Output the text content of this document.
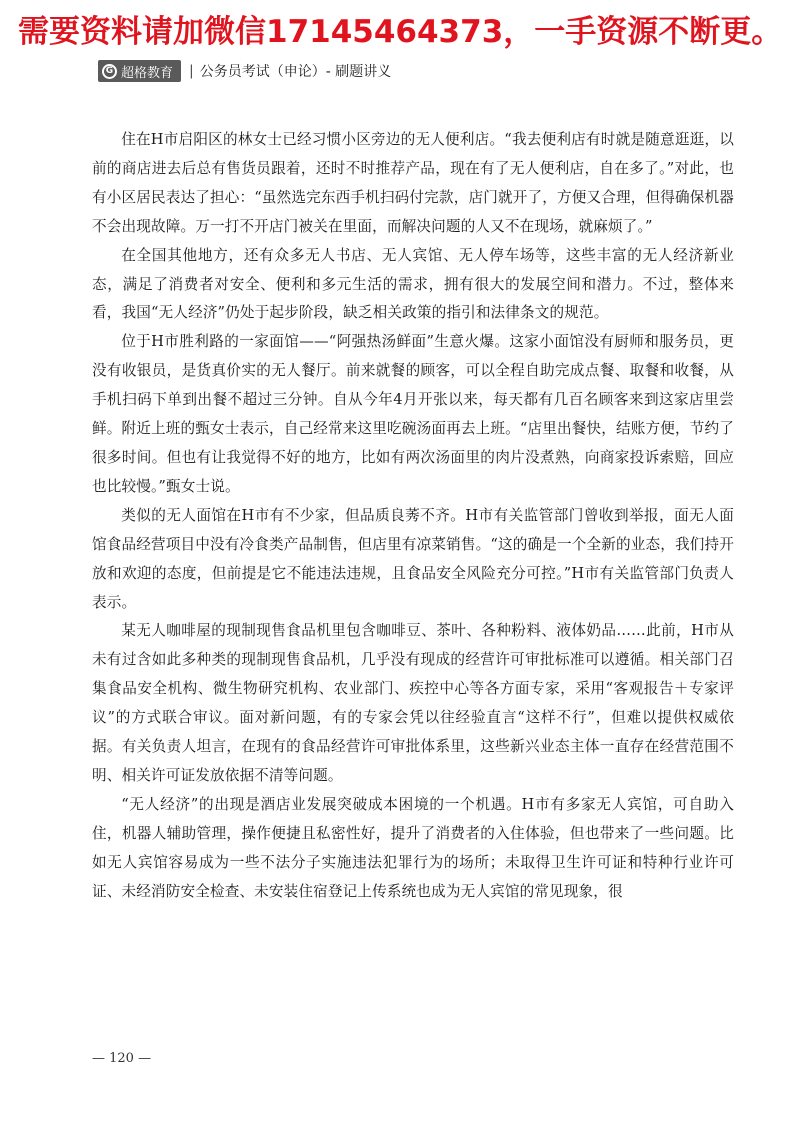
需要资料请加微信17145464373，一手资源不断更。
G 超格教育 | 公务员考试（申论）- 刷题讲义

住在H市启阳区的林女士已经习惯小区旁边的无人便利店。“我去便利店有时就是随意逛逛，以前的商店进去后总有售货员跟着，还时不时推荐产品，现在有了无人便利店，自在多了。”对此，也有小区居民表达了担心：“虽然选完东西手机扫码付完款，店门就开了，方便又合理，但得确保机器不会出现故障。万一打不开店门被关在里面，而解决问题的人又不在现场，就麻烦了。”

在全国其他地方，还有众多无人书店、无人宾馆、无人停车场等，这些丰富的无人经济新业态，满足了消费者对安全、便利和多元生活的需求，拥有很大的发展空间和潜力。不过，整体来看，我国“无人经济”仍处于起步阶段，缺乏相关政策的指引和法律条文的规范。

位于H市胜利路的一家面馆——“阿强热汤鲜面”生意火爆。这家小面馆没有厨师和服务员，更没有收银员，是货真价实的无人餐厅。前来就餐的顾客，可以全程自助完成点餐、取餐和收餐，从手机扫码下单到出餐不超过三分钟。自从今年4月开张以来，每天都有几百名顾客来到这家店里尝鲜。附近上班的甄女士表示，自己经常来这里吃碗汤面再去上班。“店里出餐快，结账方便，节约了很多时间。但也有让我觉得不好的地方，比如有两次汤面里的肉片没煮熟，向商家投诉索赔，回应也比较慢。”甄女士说。

类似的无人面馆在H市有不少家，但品质良莠不齐。H市有关监管部门曾收到举报，面无人面馆食品经营项目中没有冷食类产品制售，但店里有凉菜销售。“这的确是一个全新的业态，我们持开放和欢迎的态度，但前提是它不能违法违规，且食品安全风险充分可控。”H市有关监管部门负责人表示。

某无人咖啡屋的现制现售食品机里包含咖啡豆、茶叶、各种粉料、液体奶品……此前，H市从未有过含如此多种类的现制现售食品机，几乎没有现成的经营许可审批标准可以遵循。相关部门召集食品安全机构、微生物研究机构、农业部门、疾控中心等各方面专家，采用“客观报告＋专家评议”的方式联合审议。面对新问题，有的专家会凭以往经验直言“这样不行”，但难以提供权威依据。有关负责人坦言，在现有的食品经营许可审批体系里，这些新兴业态主体一直存在经营范围不明、相关许可证发放依据不清等问题。

“无人经济”的出现是酒店业发展突破成本困境的一个机遇。H市有多家无人宾馆，可自助入住，机器人辅助管理，操作便捷且私密性好，提升了消费者的入住体验，但也带来了一些问题。比如无人宾馆容易成为一些不法分子实施违法犯罪行为的场所；未取得卫生许可证和特种行业许可证、未经消防安全检查、未安装住宿登记上传系统也成为无人宾馆的常见现象，很

— 120 —
